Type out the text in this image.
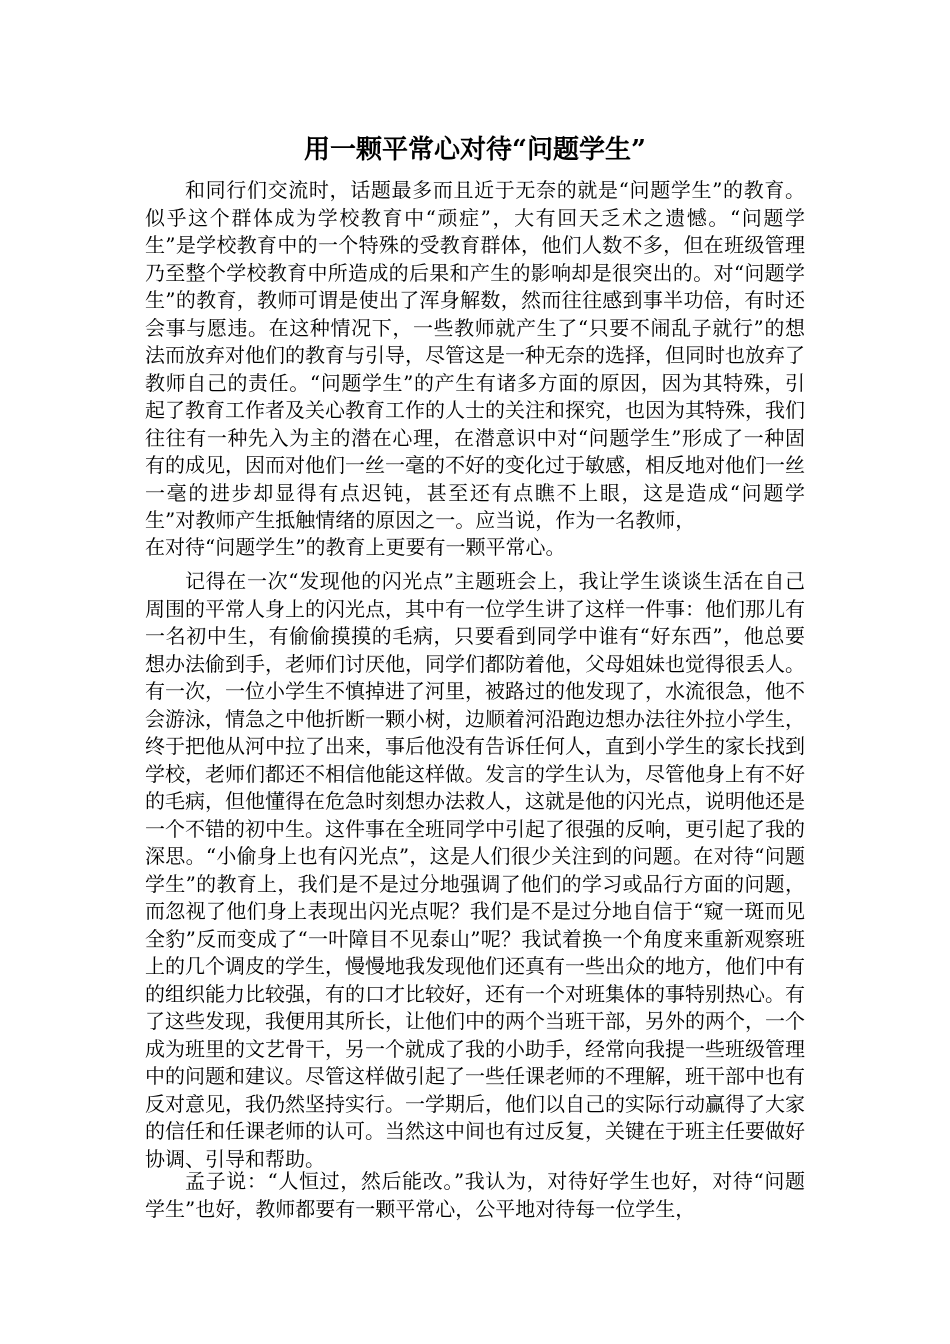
用一颗平常心对待“问题学生”

和同行们交流时，话题最多而且近于无奈的就是“问题学生”的教育。似乎这个群体成为学校教育中“顽症”，大有回天乏术之遗憾。“问题学生”是学校教育中的一个特殊的受教育群体，他们人数不多，但在班级管理乃至整个学校教育中所造成的后果和产生的影响却是很突出的。对“问题学生”的教育，教师可谓是使出了浑身解数，然而往往感到事半功倍，有时还会事与愿违。在这种情况下，一些教师就产生了“只要不闹乱子就行”的想法而放弃对他们的教育与引导，尽管这是一种无奈的选择，但同时也放弃了教师自己的责任。“问题学生”的产生有诸多方面的原因，因为其特殊，引起了教育工作者及关心教育工作的人士的关注和探究，也因为其特殊，我们往往有一种先入为主的潜在心理，在潜意识中对“问题学生”形成了一种固有的成见，因而对他们一丝一毫的不好的变化过于敏感，相反地对他们一丝一毫的进步却显得有点迟钝，甚至还有点瞧不上眼，这是造成“问题学生”对教师产生抵触情绪的原因之一。应当说，作为一名教师，

在对待“问题学生”的教育上更要有一颗平常心。

记得在一次“发现他的闪光点”主题班会上，我让学生谈谈生活在自己周围的平常人身上的闪光点，其中有一位学生讲了这样一件事：他们那儿有一名初中生，有偷偷摸摸的毛病，只要看到同学中谁有“好东西”，他总要想办法偷到手，老师们讨厌他，同学们都防着他，父母姐妹也觉得很丢人。有一次，一位小学生不慎掉进了河里，被路过的他发现了，水流很急，他不会游泳，情急之中他折断一颗小树，边顺着河沿跑边想办法往外拉小学生，终于把他从河中拉了出来，事后他没有告诉任何人，直到小学生的家长找到学校，老师们都还不相信他能这样做。发言的学生认为，尽管他身上有不好的毛病，但他懂得在危急时刻想办法救人，这就是他的闪光点，说明他还是一个不错的初中生。这件事在全班同学中引起了很强的反响，更引起了我的深思。“小偷身上也有闪光点”，这是人们很少关注到的问题。在对待“问题学生”的教育上，我们是不是过分地强调了他们的学习或品行方面的问题，而忽视了他们身上表现出闪光点呢？我们是不是过分地自信于“窥一斑而见全豹”反而变成了“一叶障目不见泰山”呢？我试着换一个角度来重新观察班上的几个调皮的学生，慢慢地我发现他们还真有一些出众的地方，他们中有的组织能力比较强，有的口才比较好，还有一个对班集体的事特别热心。有了这些发现，我便用其所长，让他们中的两个当班干部，另外的两个，一个成为班里的文艺骨干，另一个就成了我的小助手，经常向我提一些班级管理中的问题和建议。尽管这样做引起了一些任课老师的不理解，班干部中也有反对意见，我仍然坚持实行。一学期后，他们以自己的实际行动赢得了大家的信任和任课老师的认可。当然这中间也有过反复，关键在于班主任要做好协调、引导和帮助。

孟子说：“人恒过，然后能改。”我认为，对待好学生也好，对待“问题学生”也好，教师都要有一颗平常心，公平地对待每一位学生，
